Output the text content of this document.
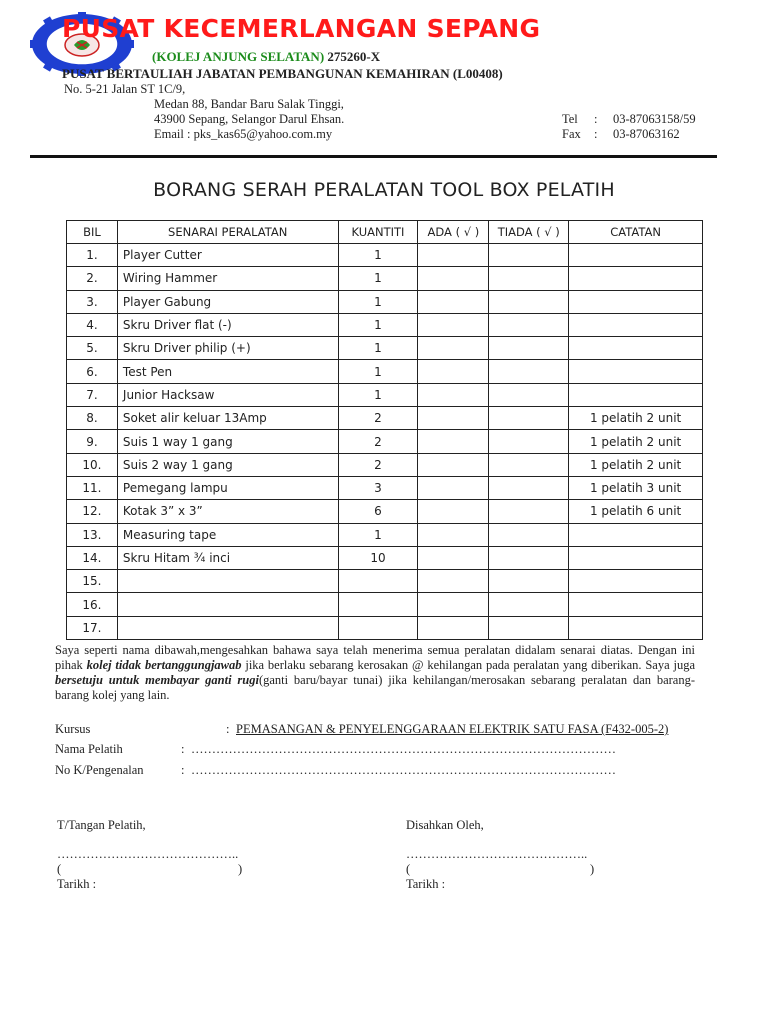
PUSAT KECEMERLANGAN SEPANG
(KOLEJ ANJUNG SELATAN) 275260-X
PUSAT BERTAULIAH JABATAN PEMBANGUNAN KEMAHIRAN (L00408)
No. 5-21 Jalan ST 1C/9,
Medan 88, Bandar Baru Salak Tinggi,
43900 Sepang, Selangor Darul Ehsan.
Email : pks_kas65@yahoo.com.my
Tel : 03-87063158/59
Fax : 03-87063162
BORANG SERAH PERALATAN TOOL BOX PELATIH
BIL	SENARAI PERALATAN	KUANTITI	ADA ( √ )	TIADA ( √ )	CATATAN
1.	Player Cutter	1			
2.	Wiring Hammer	1			
3.	Player Gabung	1			
4.	Skru Driver flat (-)	1			
5.	Skru Driver philip (+)	1			
6.	Test Pen	1			
7.	Junior Hacksaw	1			
8.	Soket alir keluar 13Amp	2			1 pelatih 2 unit
9.	Suis 1 way 1 gang	2			1 pelatih 2 unit
10.	Suis 2 way 1 gang	2			1 pelatih 2 unit
11.	Pemegang lampu	3			1 pelatih 3 unit
12.	Kotak 3” x 3”	6			1 pelatih 6 unit
13.	Measuring tape	1			
14.	Skru Hitam ¾ inci	10			
15.					
16.					
17.					
Saya seperti nama dibawah,mengesahkan bahawa saya telah menerima semua peralatan didalam senarai diatas. Dengan ini pihak kolej tidak bertanggungjawab jika berlaku sebarang kerosakan @ kehilangan pada peralatan yang diberikan. Saya juga bersetuju untuk membayar ganti rugi(ganti baru/bayar tunai) jika kehilangan/merosakan sebarang peralatan dan barang-barang kolej yang lain.
Kursus	: PEMASANGAN & PENYELENGGARAAN ELEKTRIK SATU FASA (F432-005-2)
Nama Pelatih	: …………………………………………………………………………………………
No K/Pengenalan	: …………………………………………………………………………………………
T/Tangan Pelatih,	Disahkan Oleh,
……………………………………..	……………………………………..
(	)	(	)
Tarikh :	Tarikh :
